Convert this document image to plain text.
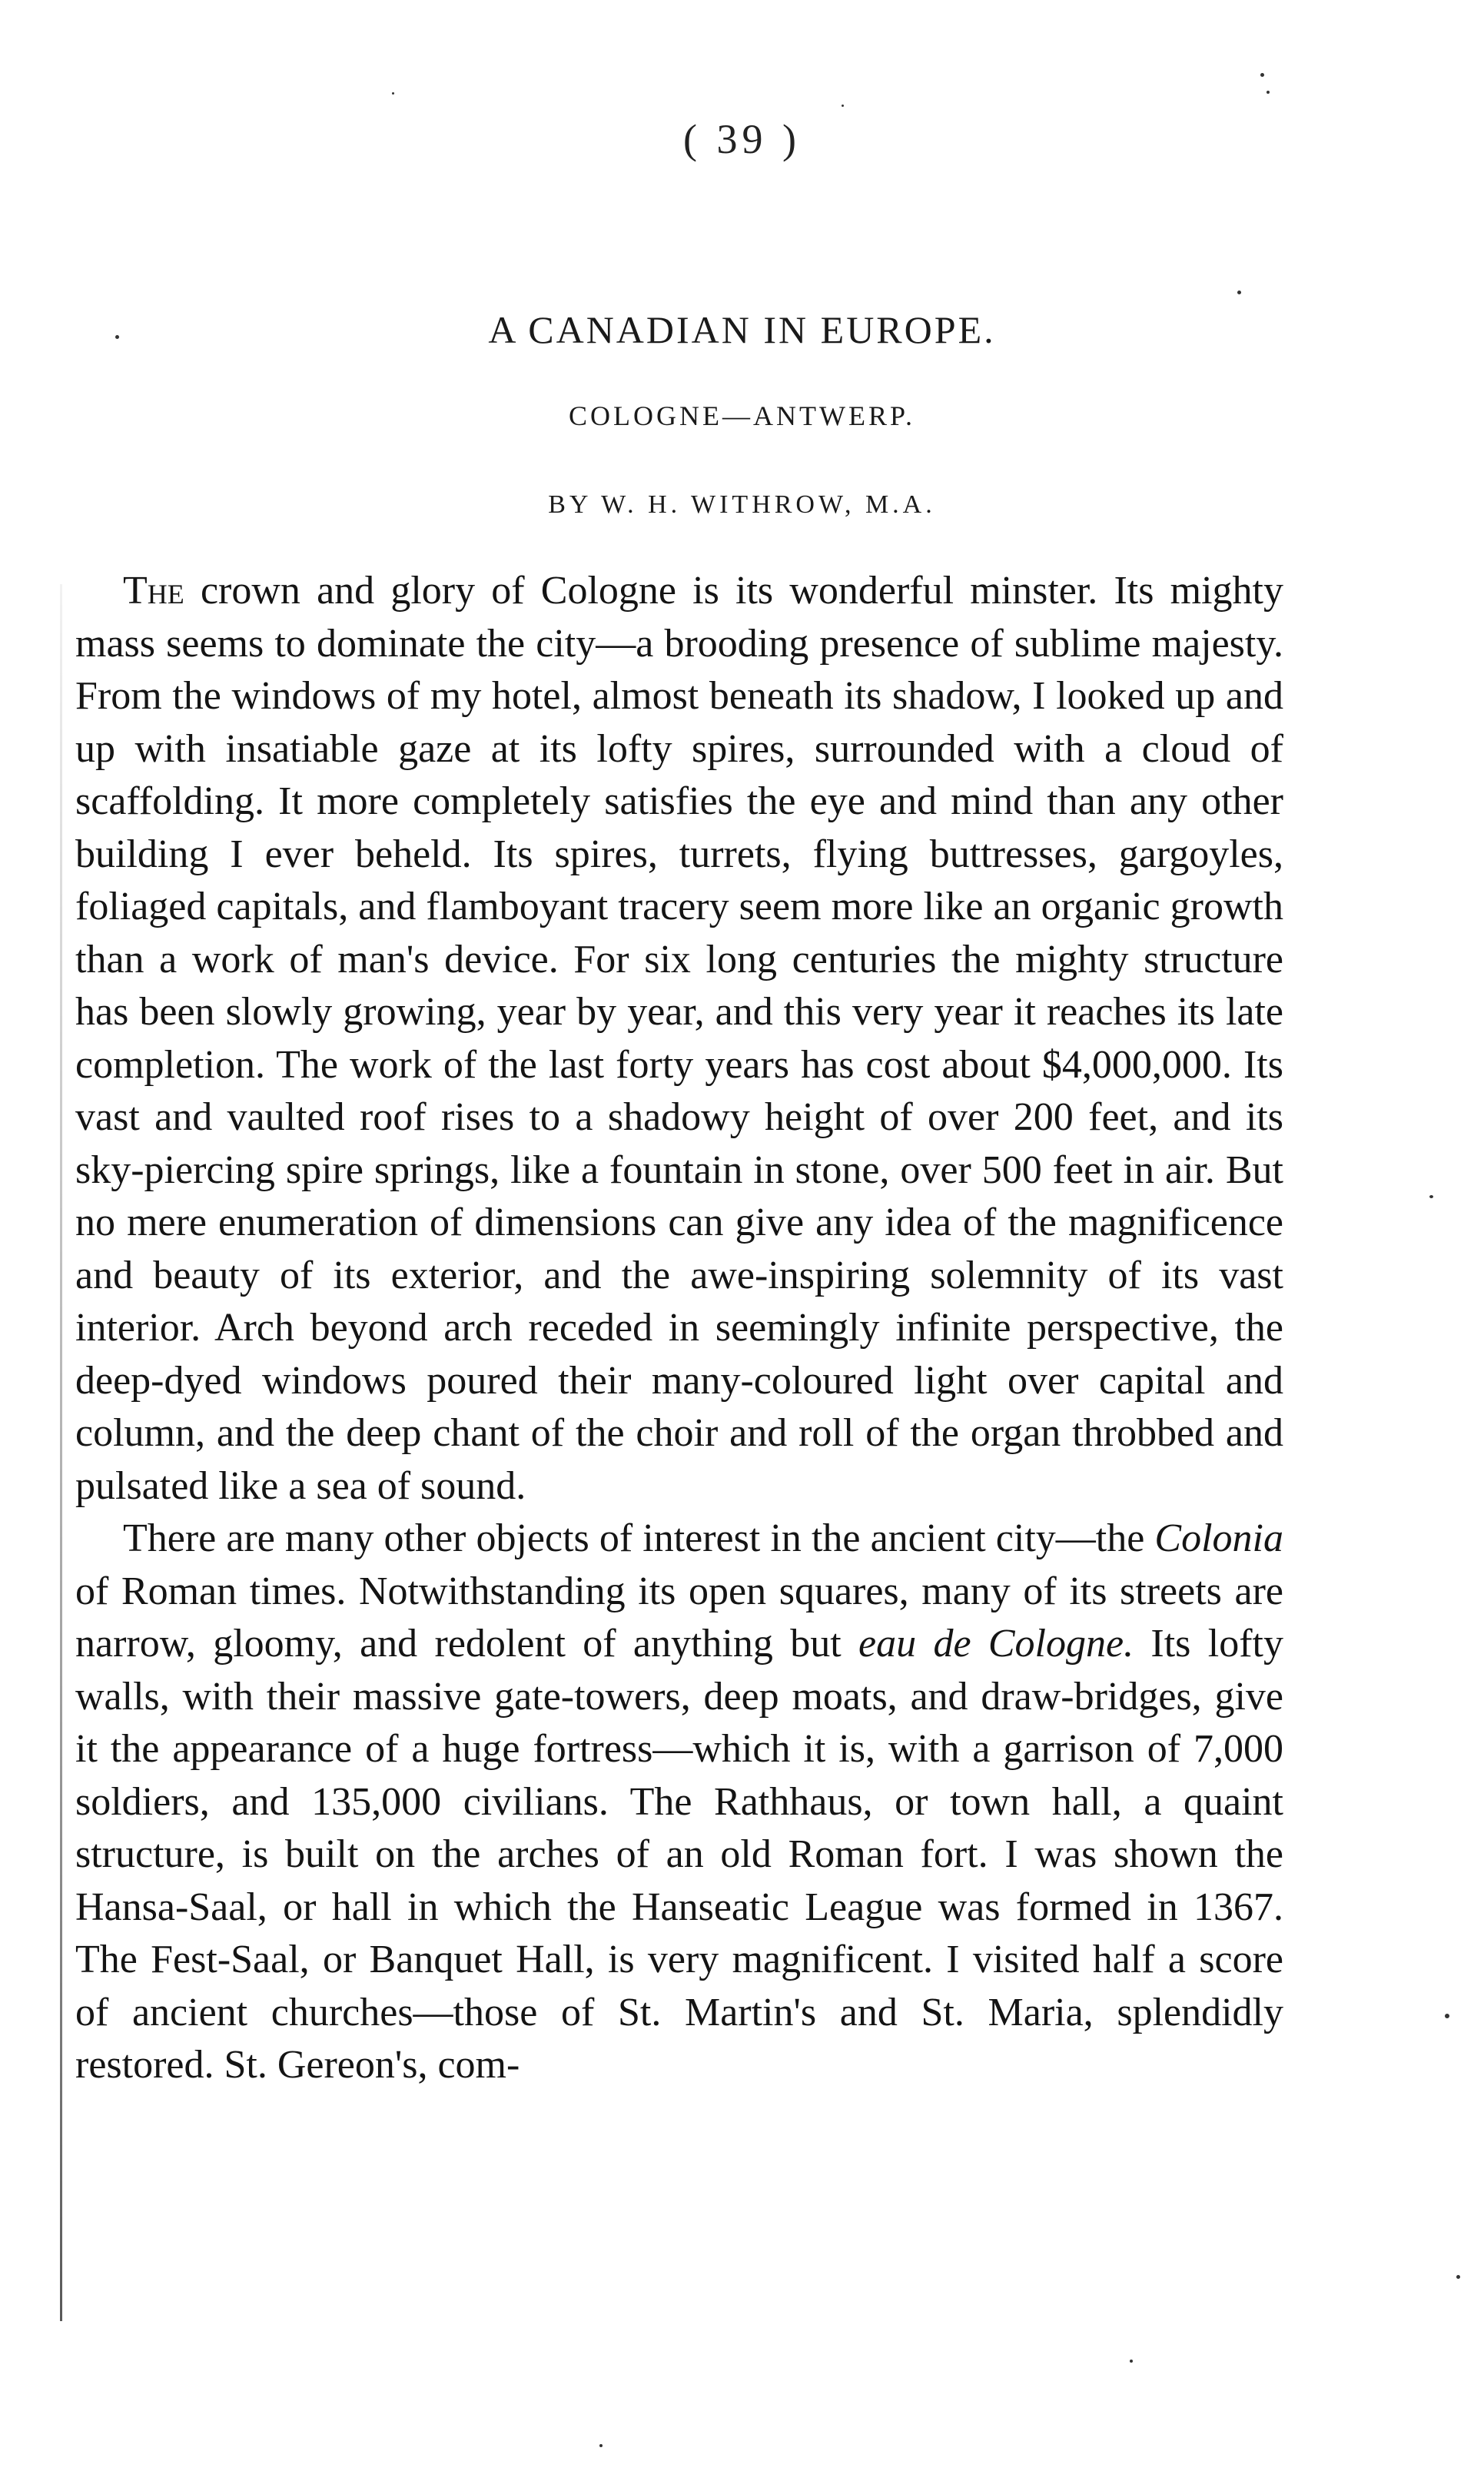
( 39 )
A CANADIAN IN EUROPE.
COLOGNE—ANTWERP.
BY W. H. WITHROW, M.A.

The crown and glory of Cologne is its wonderful minster. Its mighty mass seems to dominate the city—a brooding presence of sublime majesty. From the windows of my hotel, almost beneath its shadow, I looked up and up with insatiable gaze at its lofty spires, surrounded with a cloud of scaffolding. It more completely satisfies the eye and mind than any other building I ever beheld. Its spires, turrets, flying buttresses, gargoyles, foliaged capitals, and flamboyant tracery seem more like an organic growth than a work of man's device. For six long centuries the mighty structure has been slowly growing, year by year, and this very year it reaches its late completion. The work of the last forty years has cost about $4,000,000. Its vast and vaulted roof rises to a shadowy height of over 200 feet, and its sky-piercing spire springs, like a fountain in stone, over 500 feet in air. But no mere enumeration of dimensions can give any idea of the magnificence and beauty of its exterior, and the awe-inspiring solemnity of its vast interior. Arch beyond arch receded in seemingly infinite perspective, the deep-dyed windows poured their many-coloured light over capital and column, and the deep chant of the choir and roll of the organ throbbed and pulsated like a sea of sound.

There are many other objects of interest in the ancient city—the Colonia of Roman times. Notwithstanding its open squares, many of its streets are narrow, gloomy, and redolent of anything but eau de Cologne. Its lofty walls, with their massive gate-towers, deep moats, and draw-bridges, give it the appearance of a huge fortress—which it is, with a garrison of 7,000 soldiers, and 135,000 civilians. The Rathhaus, or town hall, a quaint structure, is built on the arches of an old Roman fort. I was shown the Hansa-Saal, or hall in which the Hanseatic League was formed in 1367. The Fest-Saal, or Banquet Hall, is very magnificent. I visited half a score of ancient churches—those of St. Martin's and St. Maria, splendidly restored. St. Gereon's, com-
